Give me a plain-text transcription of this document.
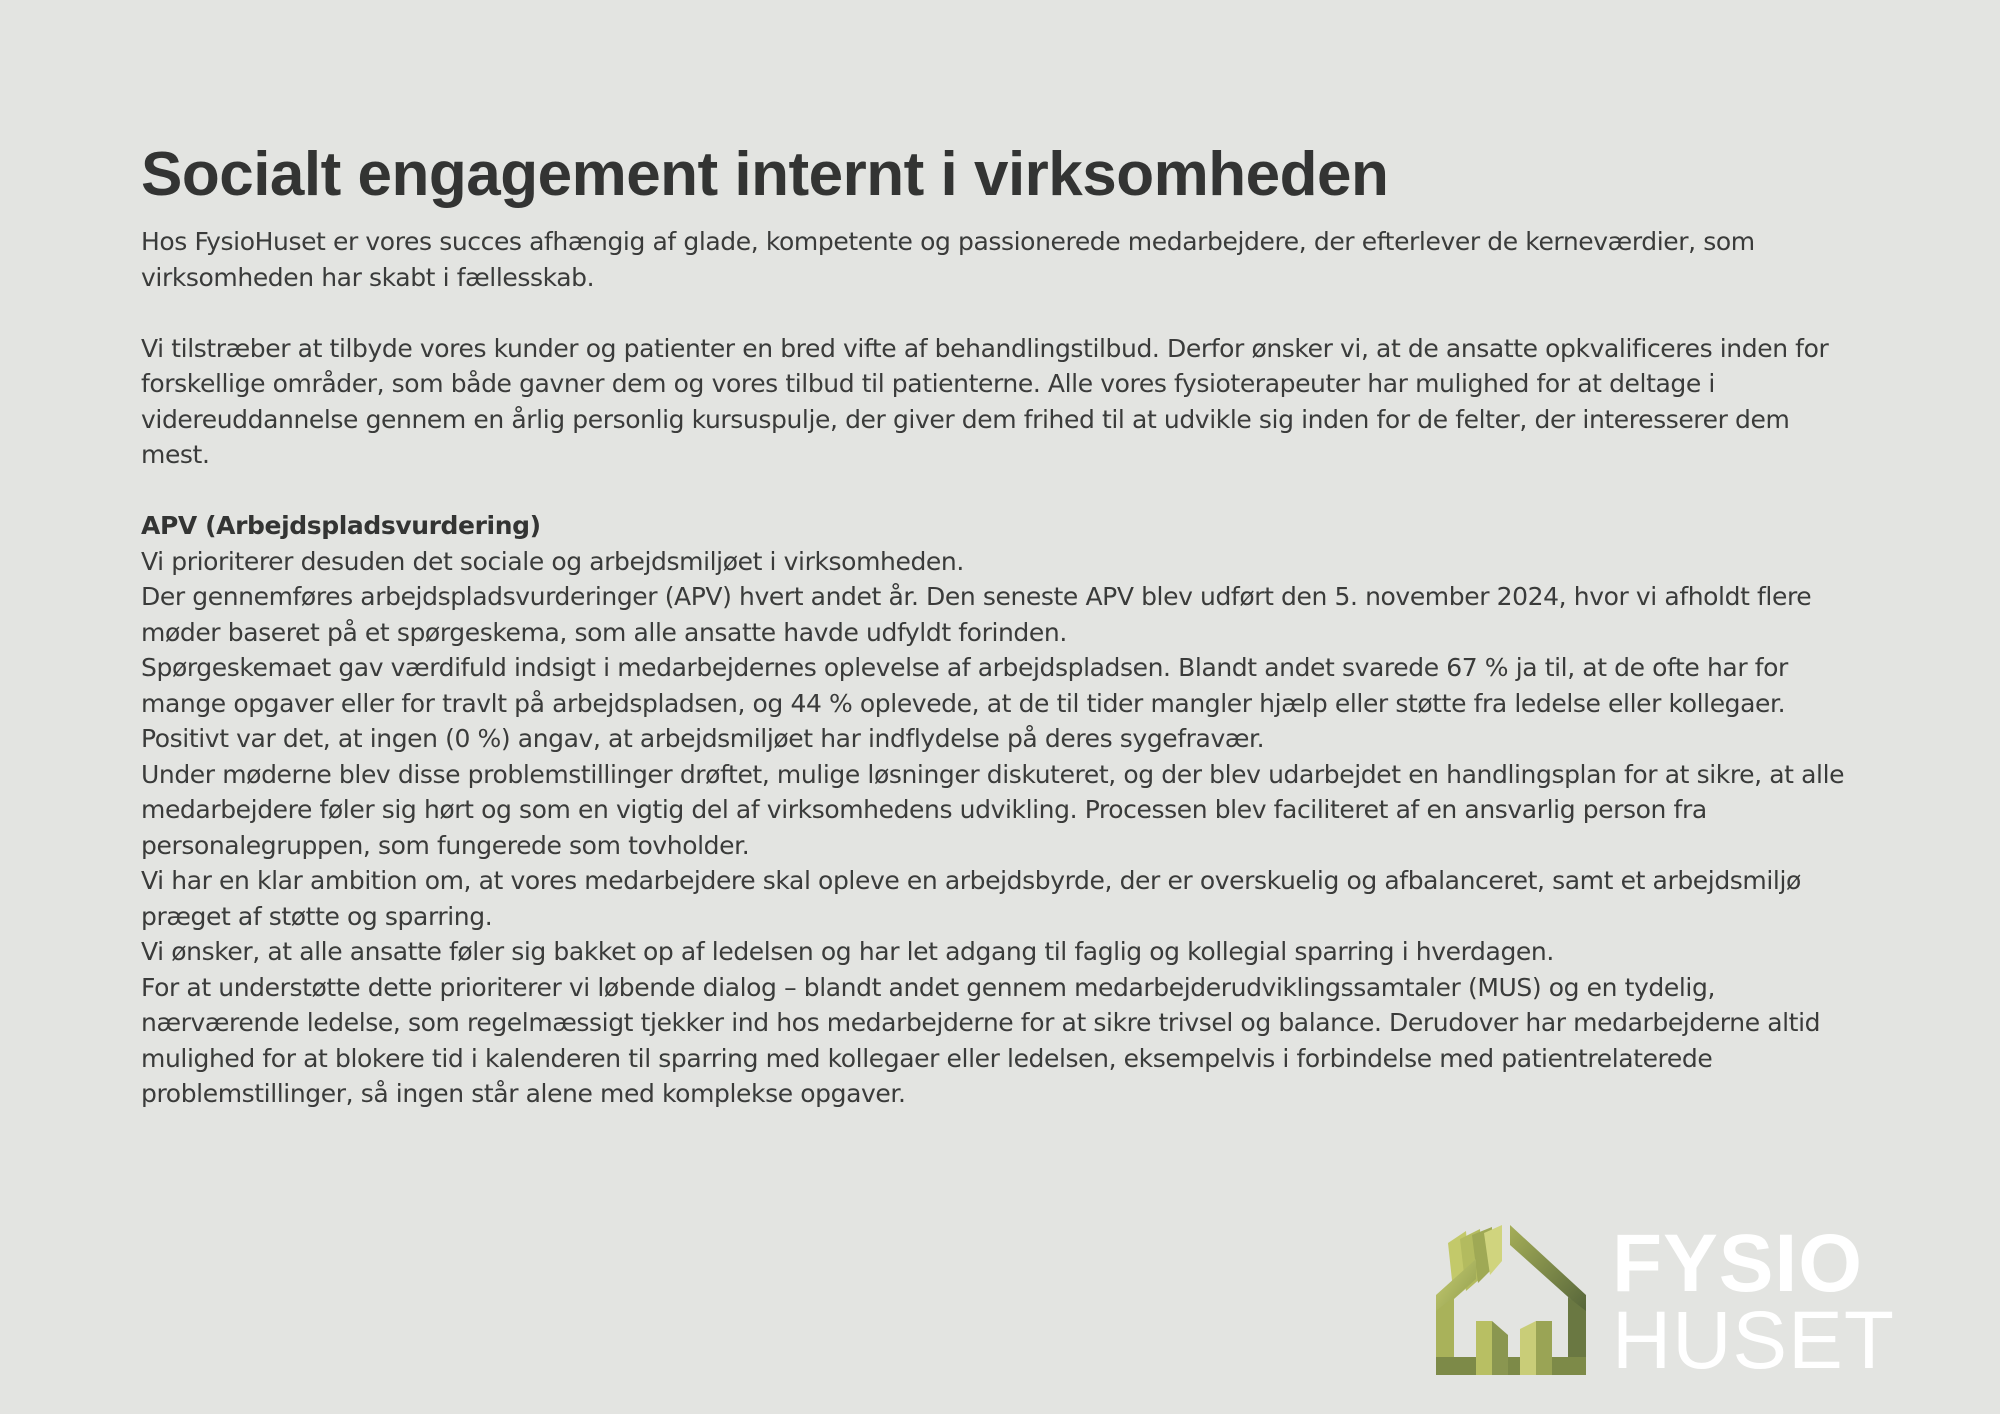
Socialt engagement internt i virksomheden

Hos FysioHuset er vores succes afhængig af glade, kompetente og passionerede medarbejdere, der efterlever de kerneværdier, som virksomheden har skabt i fællesskab.

Vi tilstræber at tilbyde vores kunder og patienter en bred vifte af behandlingstilbud. Derfor ønsker vi, at de ansatte opkvalificeres inden for forskellige områder, som både gavner dem og vores tilbud til patienterne. Alle vores fysioterapeuter har mulighed for at deltage i videreuddannelse gennem en årlig personlig kursuspulje, der giver dem frihed til at udvikle sig inden for de felter, der interesserer dem mest.

APV (Arbejdspladsvurdering)

Vi prioriterer desuden det sociale og arbejdsmiljøet i virksomheden.

Der gennemføres arbejdspladsvurderinger (APV) hvert andet år. Den seneste APV blev udført den 5. november 2024, hvor vi afholdt flere møder baseret på et spørgeskema, som alle ansatte havde udfyldt forinden.

Spørgeskemaet gav værdifuld indsigt i medarbejdernes oplevelse af arbejdspladsen. Blandt andet svarede 67 % ja til, at de ofte har for mange opgaver eller for travlt på arbejdspladsen, og 44 % oplevede, at de til tider mangler hjælp eller støtte fra ledelse eller kollegaer.

Positivt var det, at ingen (0 %) angav, at arbejdsmiljøet har indflydelse på deres sygefravær.

Under møderne blev disse problemstillinger drøftet, mulige løsninger diskuteret, og der blev udarbejdet en handlingsplan for at sikre, at alle medarbejdere føler sig hørt og som en vigtig del af virksomhedens udvikling. Processen blev faciliteret af en ansvarlig person fra personalegruppen, som fungerede som tovholder.

Vi har en klar ambition om, at vores medarbejdere skal opleve en arbejdsbyrde, der er overskuelig og afbalanceret, samt et arbejdsmiljø præget af støtte og sparring.

Vi ønsker, at alle ansatte føler sig bakket op af ledelsen og har let adgang til faglig og kollegial sparring i hverdagen.

For at understøtte dette prioriterer vi løbende dialog – blandt andet gennem medarbejderudviklingssamtaler (MUS) og en tydelig, nærværende ledelse, som regelmæssigt tjekker ind hos medarbejderne for at sikre trivsel og balance. Derudover har medarbejderne altid mulighed for at blokere tid i kalenderen til sparring med kollegaer eller ledelsen, eksempelvis i forbindelse med patientrelaterede problemstillinger, så ingen står alene med komplekse opgaver.

FYSIO
HUSET
